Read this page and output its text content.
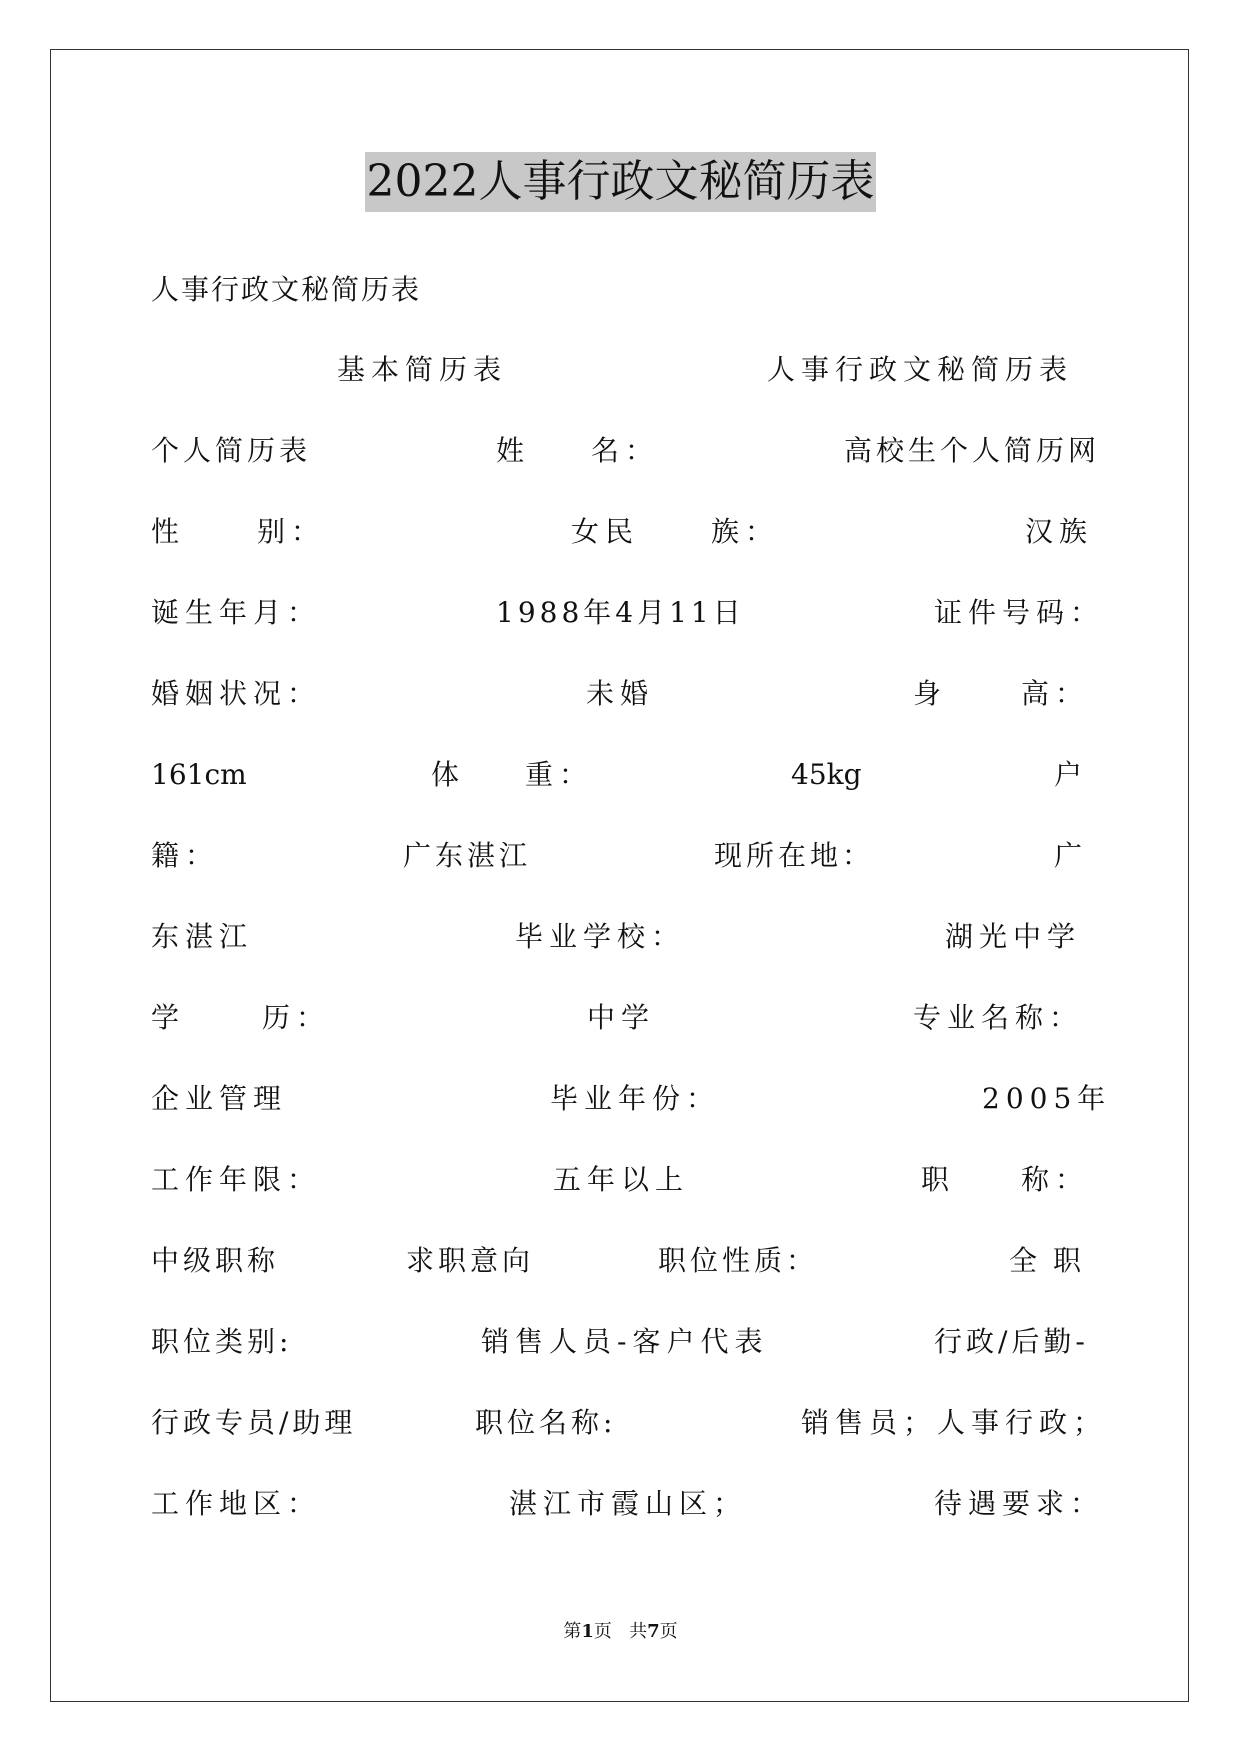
2022人事行政文秘简历表
人事行政文秘简历表
基本简历表	人事行政文秘简历表
个人简历表	姓 名：	高校生个人简历网
性	别：	女民	族：	汉族
诞生年月：	1988年4月11日	证件号码：
婚姻状况：	未婚	身	高：
161cm	体 重：	45kg	户
籍：	广东湛江	现所在地：	广
东湛江	毕业学校：	湖光中学
学	历：	中学	专业名称：
企业管理	毕业年份：	2005年
工作年限：	五年以上	职	称：
中级职称	求职意向	职位性质：	全职
职位类别:	销售人员-客户代表	行政/后勤-
行政专员/助理	职位名称:	销售员；人事行政；
工作地区：	湛江市霞山区；	待遇要求：
第1页 共7页
